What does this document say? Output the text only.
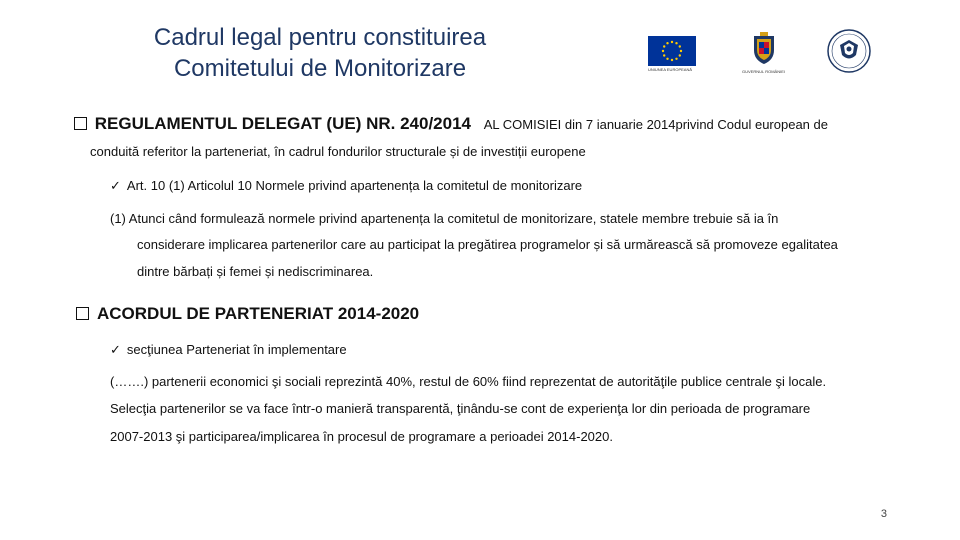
Cadrul legal pentru constituirea
Comitetului de Monitorizare	UNIUNEA EUROPEANĂ	GUVERNUL ROMÂNIEI
REGULAMENTUL DELEGAT (UE) NR. 240/2014 AL COMISIEI din 7 ianuarie 2014privind Codul european de
conduită referitor la parteneriat, în cadrul fondurilor structurale și de investiții europene
✓ Art. 10 (1) Articolul 10 Normele privind apartenența la comitetul de monitorizare
(1) Atunci când formulează normele privind apartenența la comitetul de monitorizare, statele membre trebuie să ia în
considerare implicarea partenerilor care au participat la pregătirea programelor și să urmărească să promoveze egalitatea
dintre bărbați și femei și nediscriminarea.
ACORDUL DE PARTENERIAT 2014-2020
✓ secţiunea Parteneriat în implementare
(…….) partenerii economici şi sociali reprezintă 40%, restul de 60% fiind reprezentat de autorităţile publice centrale şi locale.
Selecţia partenerilor se va face într-o manieră transparentă, ţinându-se cont de experienţa lor din perioada de programare
2007-2013 şi participarea/implicarea în procesul de programare a perioadei 2014-2020.
3
